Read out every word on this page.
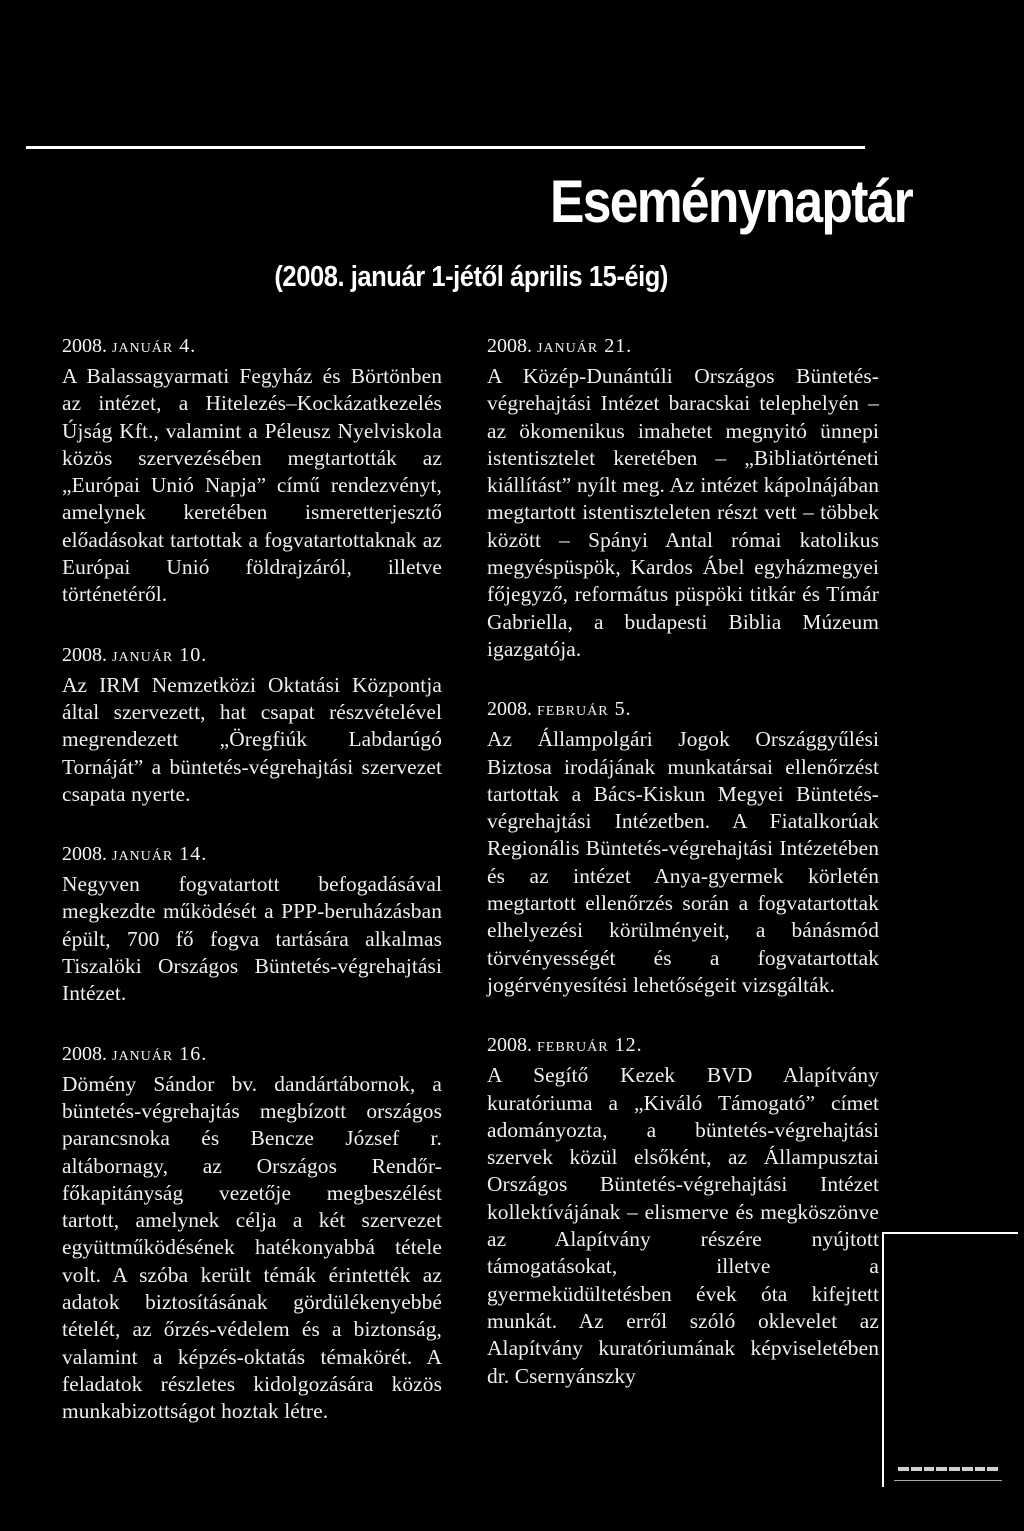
Eseménynaptár
(2008. január 1-jétől április 15-éig)
2008. január 4.
A Balassagyarmati Fegyház és Börtönben az intézet, a Hitelezés–Kockázatkezelés Újság Kft., valamint a Péleusz Nyelviskola közös szervezésében megtartották az „Európai Unió Napja” című rendezvényt, amelynek keretében ismeretterjesztő előadásokat tartottak a fogvatartottaknak az Európai Unió földrajzáról, illetve történetéről.
2008. január 10.
Az IRM Nemzetközi Oktatási Központja által szervezett, hat csapat részvételével megrendezett „Öregfiúk Labdarúgó Tornáját” a büntetés-végrehajtási szervezet csapata nyerte.
2008. január 14.
Negyven fogvatartott befogadásával megkezdte működését a PPP-beruházásban épült, 700 fő fogva tartására alkalmas Tiszalöki Országos Büntetés-végrehajtási Intézet.
2008. január 16.
Dömény Sándor bv. dandártábornok, a büntetés-végrehajtás megbízott országos parancsnoka és Bencze József r. altábornagy, az Országos Rendőr-főkapitányság vezetője megbeszélést tartott, amelynek célja a két szervezet együttműködésének hatékonyabbá tétele volt. A szóba került témák érintették az adatok biztosításának gördülékenyebbé tételét, az őrzés-védelem és a biztonság, valamint a képzés-oktatás témakörét. A feladatok részletes kidolgozására közös munkabizottságot hoztak létre.
2008. január 21.
A Közép-Dunántúli Országos Büntetés-végrehajtási Intézet baracskai telephelyén – az ökomenikus imahetet megnyitó ünnepi istentisztelet keretében – „Bibliatörténeti kiállítást” nyílt meg. Az intézet kápolnájában megtartott istentiszteleten részt vett – többek között – Spányi Antal római katolikus megyéspüspök, Kardos Ábel egyházmegyei főjegyző, református püspöki titkár és Tímár Gabriella, a budapesti Biblia Múzeum igazgatója.
2008. február 5.
Az Állampolgári Jogok Országgyűlési Biztosa irodájának munkatársai ellenőrzést tartottak a Bács-Kiskun Megyei Büntetés-végrehajtási Intézetben. A Fiatalkorúak Regionális Büntetés-végrehajtási Intézetében és az intézet Anya-gyermek körletén megtartott ellenőrzés során a fogvatartottak elhelyezési körülményeit, a bánásmód törvényességét és a fogvatartottak jogérvényesítési lehetőségeit vizsgálták.
2008. február 12.
A Segítő Kezek BVD Alapítvány kuratóriuma a „Kiváló Támogató” címet adományozta, a büntetés-végrehajtási szervek közül elsőként, az Állampusztai Országos Büntetés-végrehajtási Intézet kollektívájának – elismerve és megköszönve az Alapítvány részére nyújtott támogatásokat, illetve a gyermeküdültetésben évek óta kifejtett munkát. Az erről szóló oklevelet az Alapítvány kuratóriumának képviseletében dr. Csernyánszky
